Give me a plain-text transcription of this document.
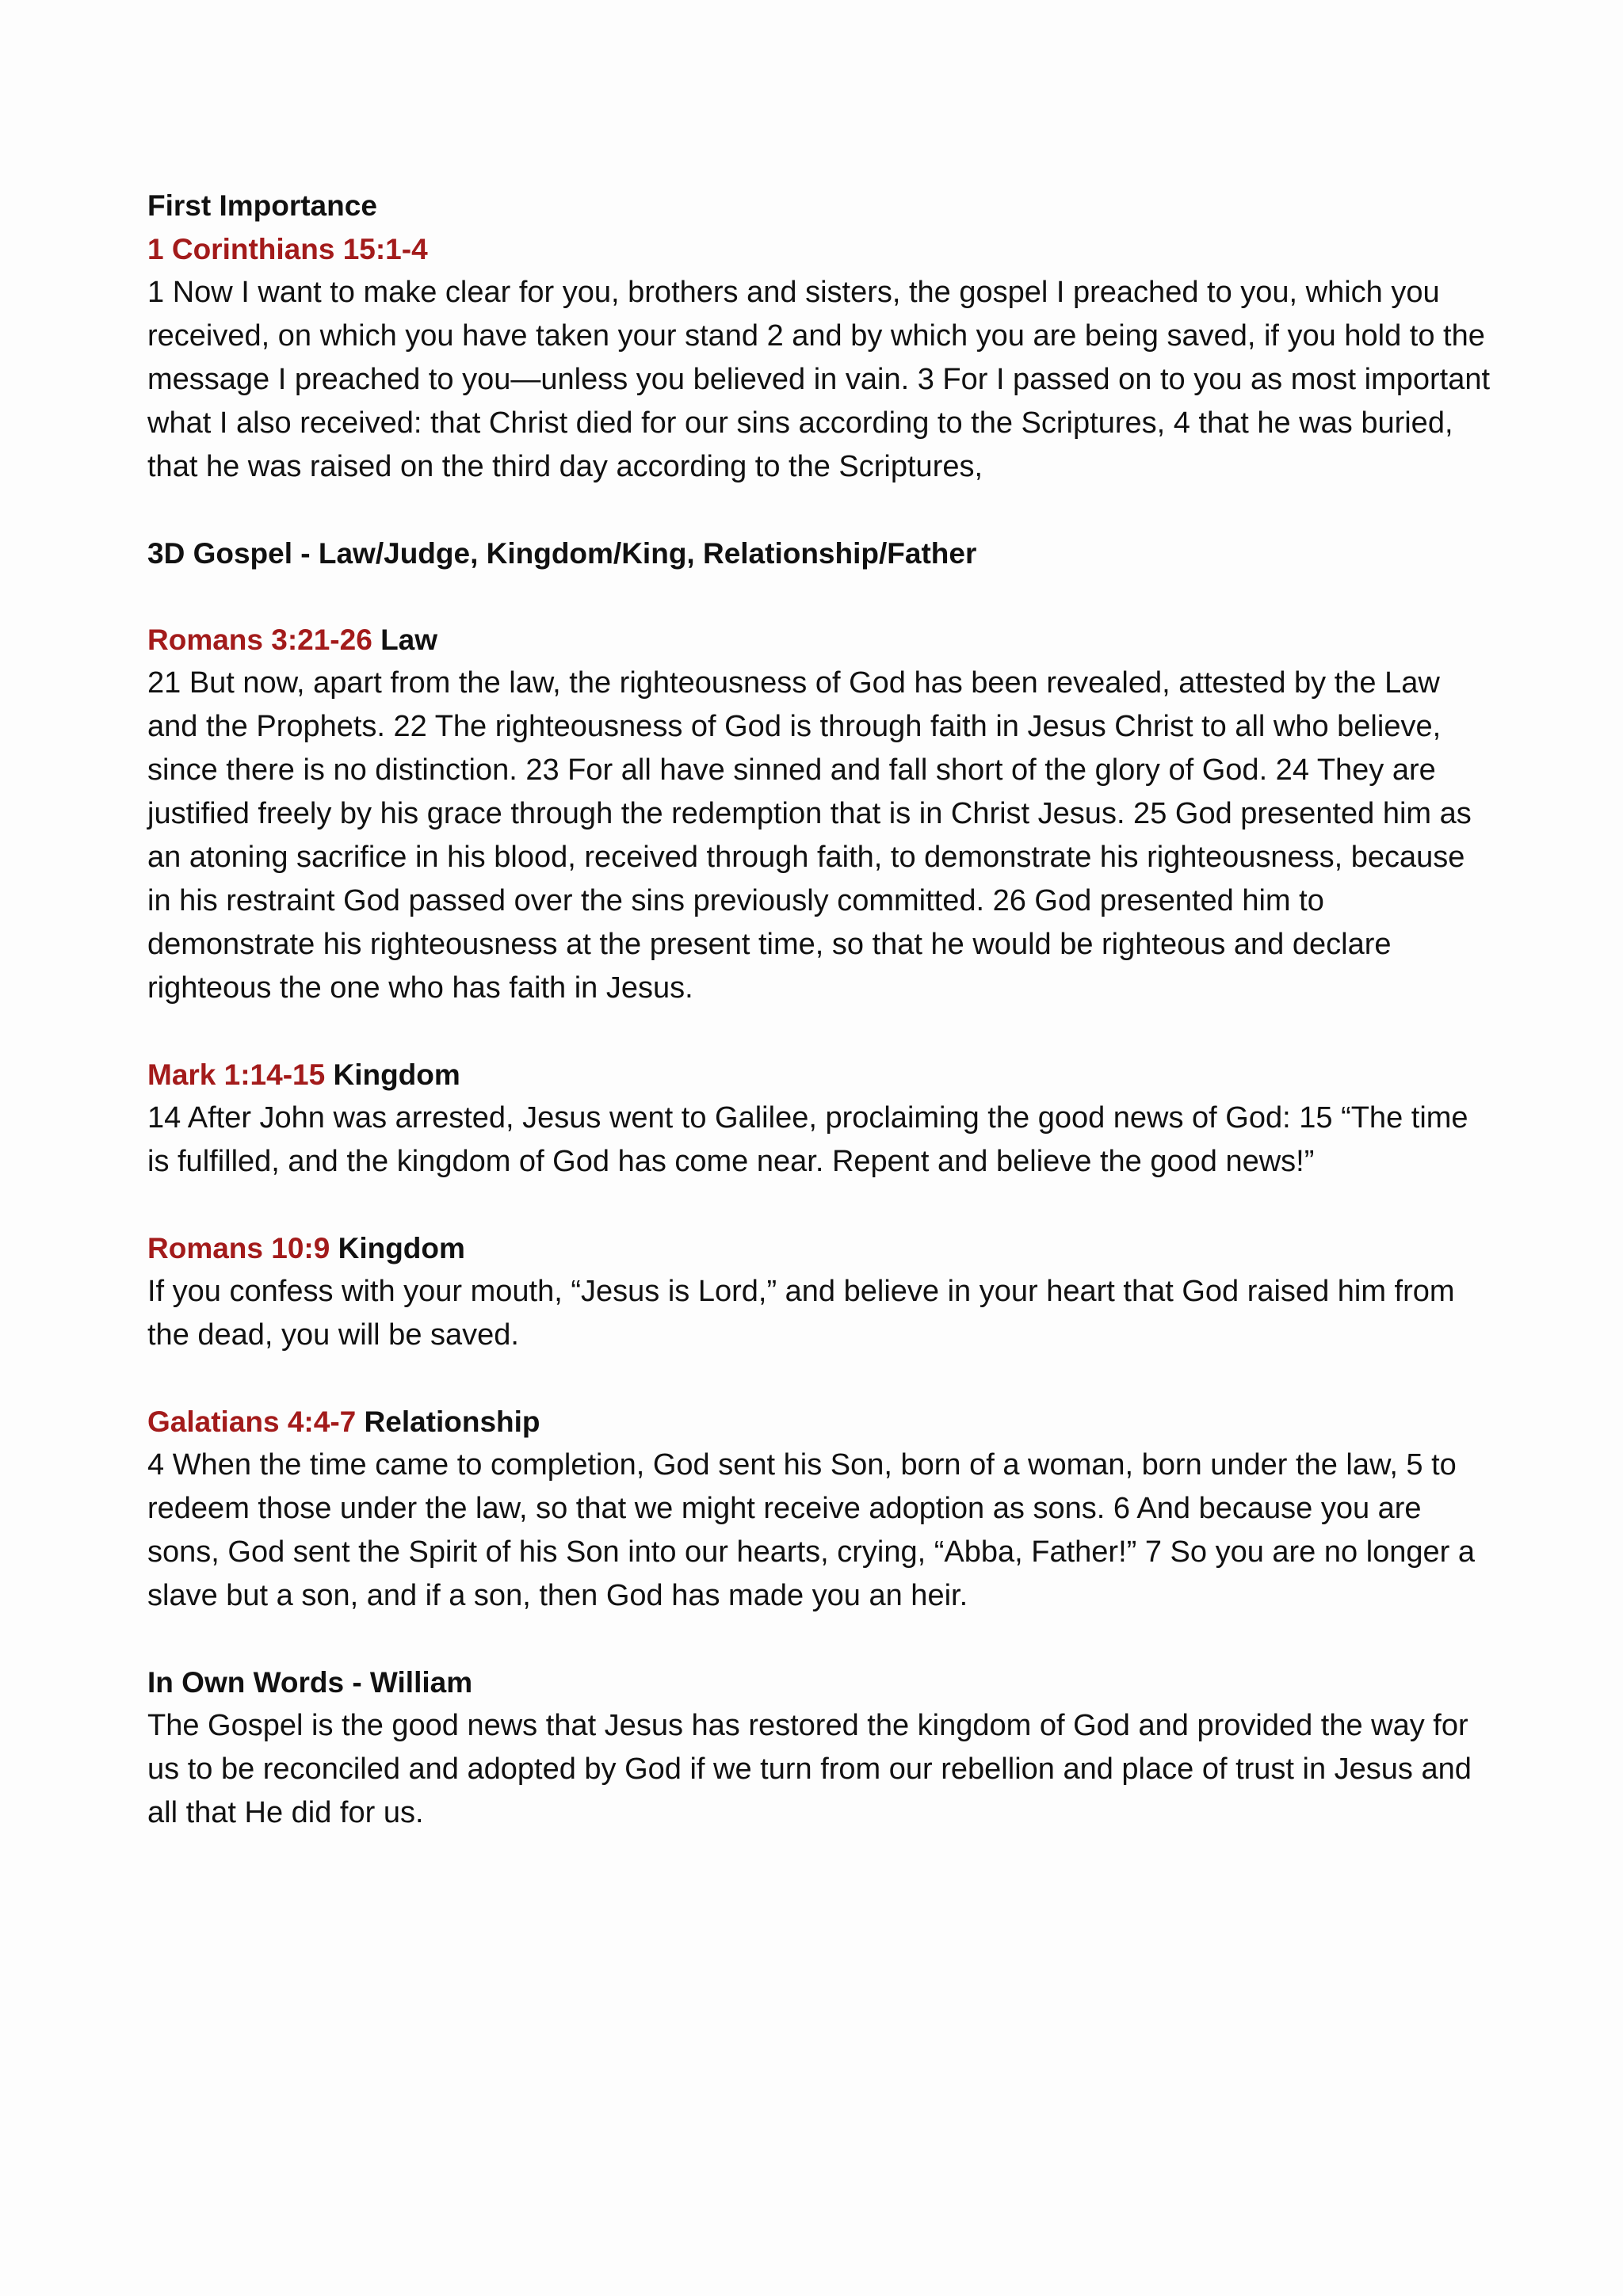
First Importance
1 Corinthians 15:1-4
1 Now I want to make clear for you, brothers and sisters, the gospel I preached to you, which you received, on which you have taken your stand 2 and by which you are being saved, if you hold to the message I preached to you—unless you believed in vain. 3 For I passed on to you as most important what I also received: that Christ died for our sins according to the Scriptures, 4 that he was buried, that he was raised on the third day according to the Scriptures,
3D Gospel - Law/Judge, Kingdom/King, Relationship/Father
Romans 3:21-26 Law
21 But now, apart from the law, the righteousness of God has been revealed, attested by the Law and the Prophets. 22 The righteousness of God is through faith in Jesus Christ to all who believe, since there is no distinction. 23 For all have sinned and fall short of the glory of God. 24 They are justified freely by his grace through the redemption that is in Christ Jesus. 25 God presented him as an atoning sacrifice in his blood, received through faith, to demonstrate his righteousness, because in his restraint God passed over the sins previously committed. 26 God presented him to demonstrate his righteousness at the present time, so that he would be righteous and declare righteous the one who has faith in Jesus.
Mark 1:14-15 Kingdom
14 After John was arrested, Jesus went to Galilee, proclaiming the good news of God: 15 “The time is fulfilled, and the kingdom of God has come near. Repent and believe the good news!”
Romans 10:9 Kingdom
If you confess with your mouth, “Jesus is Lord,” and believe in your heart that God raised him from the dead, you will be saved.
Galatians 4:4-7 Relationship
4 When the time came to completion, God sent his Son, born of a woman, born under the law, 5 to redeem those under the law, so that we might receive adoption as sons. 6 And because you are sons, God sent the Spirit of his Son into our hearts, crying, “Abba, Father!” 7 So you are no longer a slave but a son, and if a son, then God has made you an heir.
In Own Words - William
The Gospel is the good news that Jesus has restored the kingdom of God and provided the way for us to be reconciled and adopted by God if we turn from our rebellion and place of trust in Jesus and all that He did for us.
